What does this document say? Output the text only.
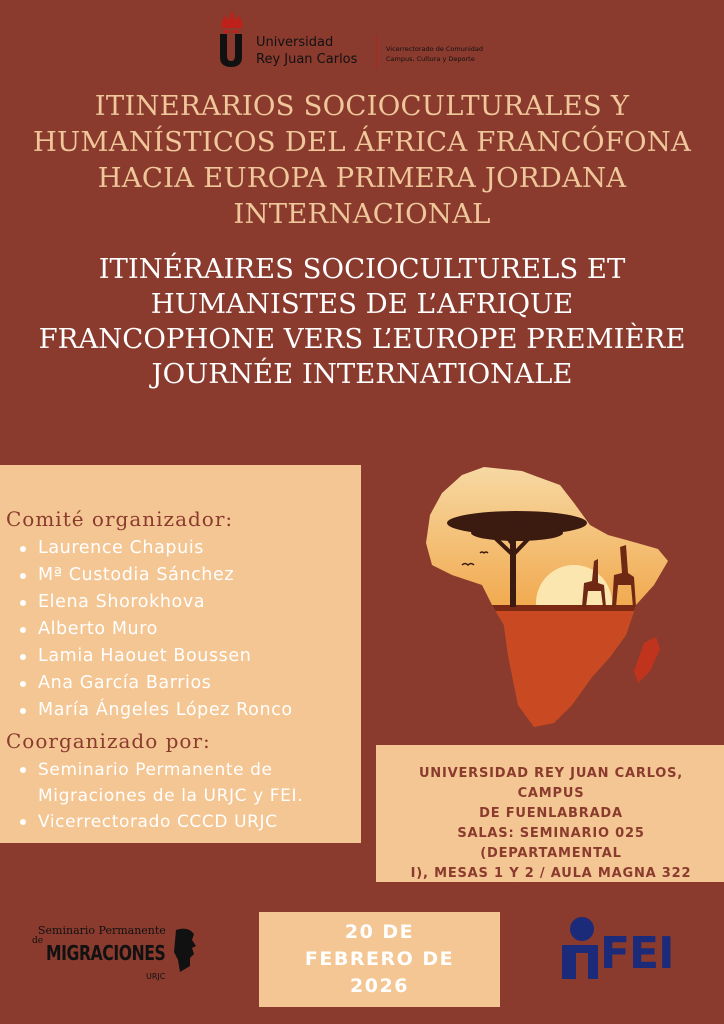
Universidad
Rey Juan Carlos
Vicerrectorado de Comunidad
Campus, Cultura y Deporte
ITINERARIOS SOCIOCULTURALES Y
HUMANÍSTICOS DEL ÁFRICA FRANCÓFONA
HACIA EUROPA PRIMERA JORDANA
INTERNACIONAL
ITINÉRAIRES SOCIOCULTURELS ET
HUMANISTES DE L’AFRIQUE
FRANCOPHONE VERS L’EUROPE PREMIÈRE
JOURNÉE INTERNATIONALE
Comité organizador:
Laurence Chapuis
Mª Custodia Sánchez
Elena Shorokhova
Alberto Muro
Lamia Haouet Boussen
Ana García Barrios
María Ángeles López Ronco
Coorganizado por:
Seminario Permanente de Migraciones de la URJC y FEI.
Vicerrectorado CCCD URJC
UNIVERSIDAD REY JUAN CARLOS, CAMPUS
DE FUENLABRADA
SALAS: SEMINARIO 025 (DEPARTAMENTAL
I), MESAS 1 Y 2 / AULA MAGNA 322
(AULARIO III), MESA 3
Seminario Permanente
de MIGRACIONES
URJC
20 DE
FEBRERO DE
2026
FEI
